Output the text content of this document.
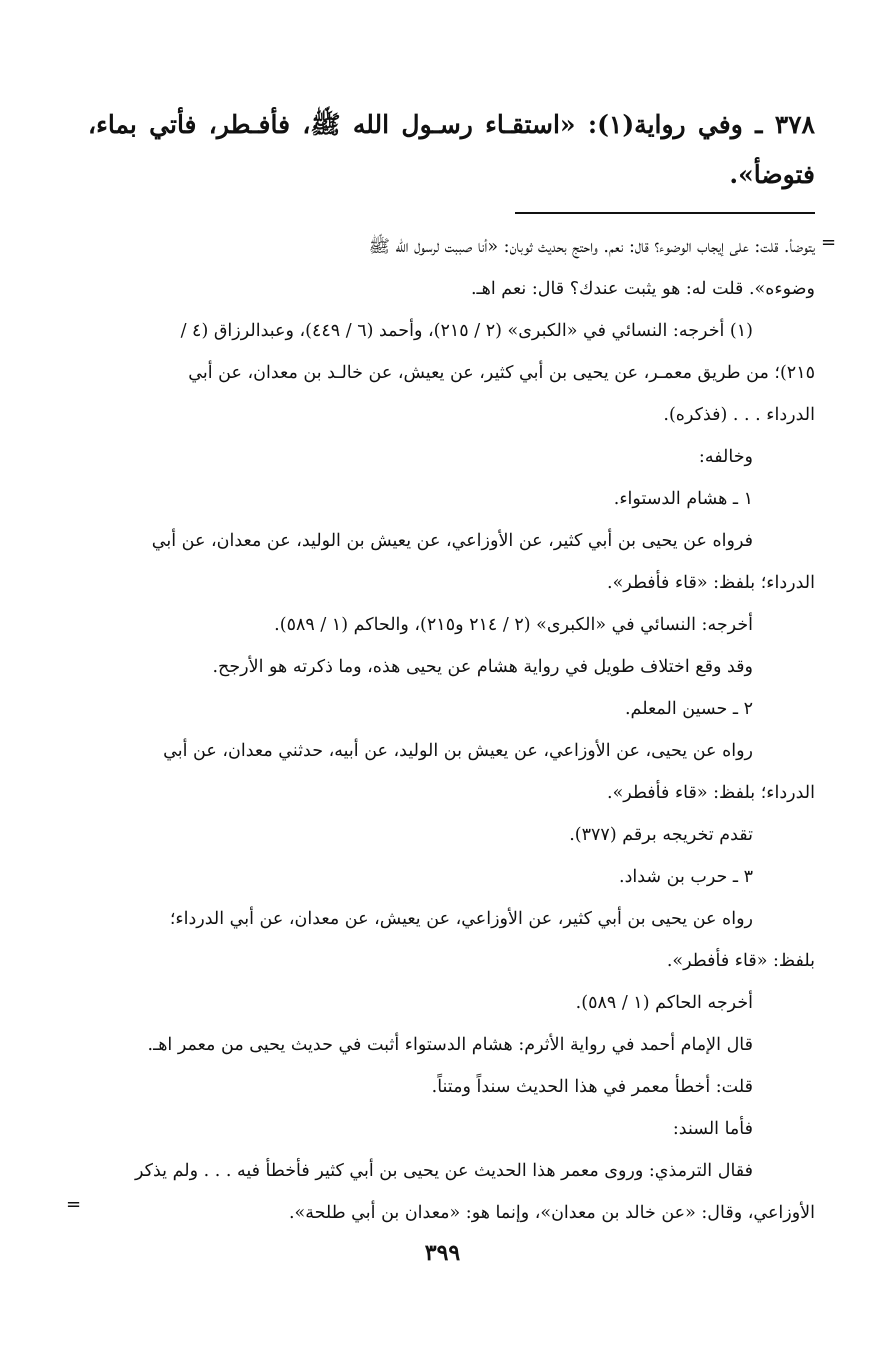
٣٧٨ ـ وفي رواية(١): «استقـاء رسـول الله ﷺ، فأفـطر، فأتي بماء، فتوضأ».
=
يتوضأ. قلت: على إيجاب الوضوء؟ قال: نعم. واحتج بحديث ثوبان: «أنا صببت لرسول الله ﷺ
وضوءه». قلت له: هو يثبت عندك؟ قال: نعم اهـ.
(١) أخرجه: النسائي في «الكبرى» (٢ / ٢١٥)، وأحمد (٦ / ٤٤٩)، وعبدالرزاق (٤ /
٢١٥)؛ من طريق معمـر، عن يحيى بن أبي كثير، عن يعيش، عن خالـد بن معدان، عن أبي
الدرداء . . . (فذكره).
وخالفه:
١ ـ هشام الدستواء.
فرواه عن يحيى بن أبي كثير، عن الأوزاعي، عن يعيش بن الوليد، عن معدان، عن أبي
الدرداء؛ بلفظ: «قاء فأفطر».
أخرجه: النسائي في «الكبرى» (٢ / ٢١٤ و٢١٥)، والحاكم (١ / ٥٨٩).
وقد وقع اختلاف طويل في رواية هشام عن يحيى هذه، وما ذكرته هو الأرجح.
٢ ـ حسين المعلم.
رواه عن يحيى، عن الأوزاعي، عن يعيش بن الوليد، عن أبيه، حدثني معدان، عن أبي
الدرداء؛ بلفظ: «قاء فأفطر».
تقدم تخريجه برقم (٣٧٧).
٣ ـ حرب بن شداد.
رواه عن يحيى بن أبي كثير، عن الأوزاعي، عن يعيش، عن معدان، عن أبي الدرداء؛
بلفظ: «قاء فأفطر».
أخرجه الحاكم (١ / ٥٨٩).
قال الإمام أحمد في رواية الأثرم: هشام الدستواء أثبت في حديث يحيى من معمر اهـ.
قلت: أخطأ معمر في هذا الحديث سنداً ومتناً.
فأما السند:
فقال الترمذي: وروى معمر هذا الحديث عن يحيى بن أبي كثير فأخطأ فيه . . . ولم يذكر
الأوزاعي، وقال: «عن خالد بن معدان»، وإنما هو: «معدان بن أبي طلحة».
=
٣٩٩
